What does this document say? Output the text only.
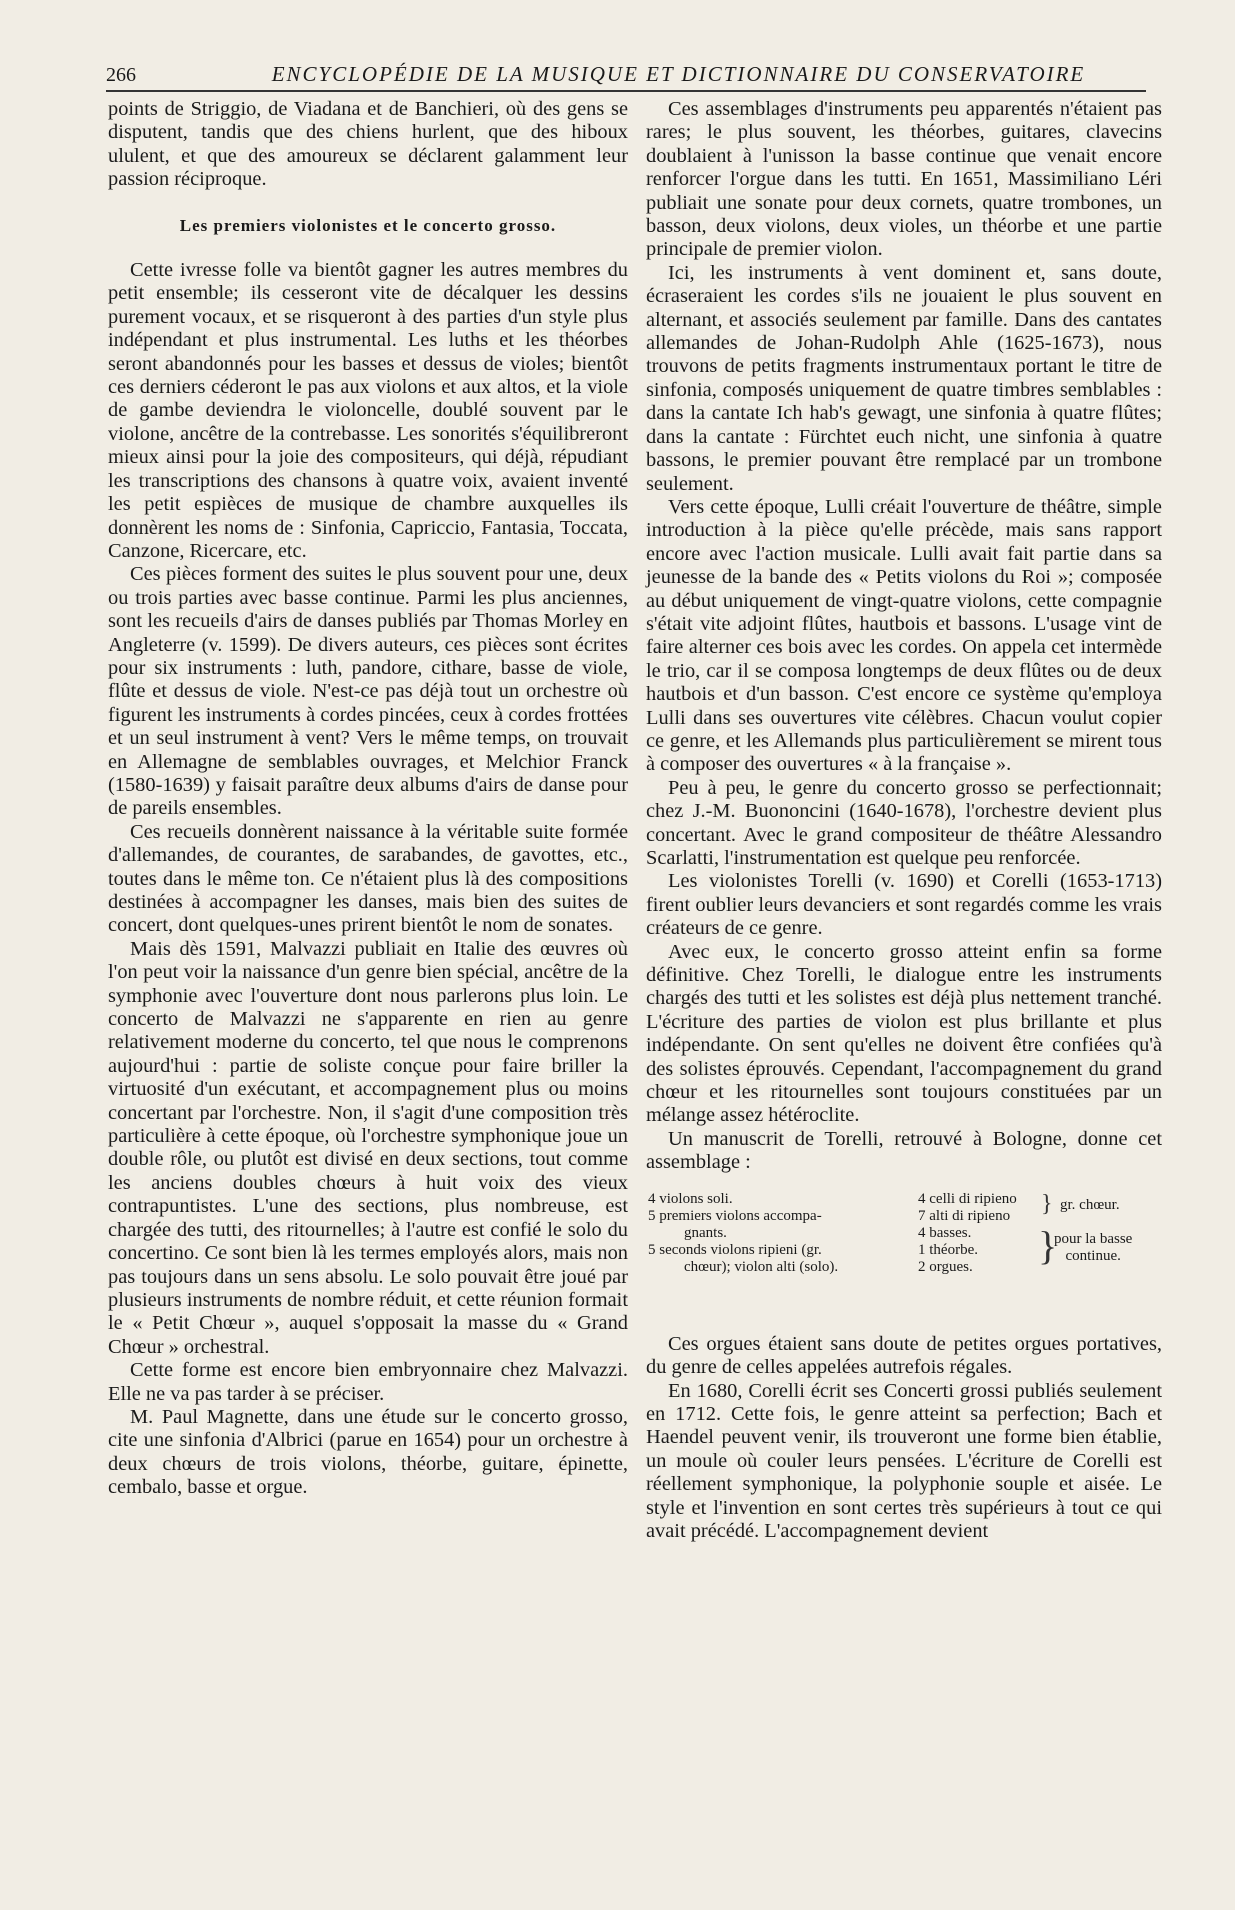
266	ENCYCLOPÉDIE DE LA MUSIQUE ET DICTIONNAIRE DU CONSERVATOIRE

points de Striggio, de Viadana et de Banchieri, où des gens se disputent, tandis que des chiens hurlent, que des hiboux ululent, et que des amoureux se déclarent galamment leur passion réciproque.

Les premiers violonistes et le concerto grosso.

Cette ivresse folle va bientôt gagner les autres membres du petit ensemble; ils cesseront vite de décalquer les dessins purement vocaux, et se risqueront à des parties d'un style plus indépendant et plus instrumental. Les luths et les théorbes seront abandonnés pour les basses et dessus de violes; bientôt ces derniers céderont le pas aux violons et aux altos, et la viole de gambe deviendra le violoncelle, doublé souvent par le violone, ancêtre de la contrebasse. Les sonorités s'équilibreront mieux ainsi pour la joie des compositeurs, qui déjà, répudiant les transcriptions des chansons à quatre voix, avaient inventé les petit espièces de musique de chambre auxquelles ils donnèrent les noms de : Sinfonia, Capriccio, Fantasia, Toccata, Canzone, Ricercare, etc.

Ces pièces forment des suites le plus souvent pour une, deux ou trois parties avec basse continue. Parmi les plus anciennes, sont les recueils d'airs de danses publiés par Thomas Morley en Angleterre (v. 1599). De divers auteurs, ces pièces sont écrites pour six instruments : luth, pandore, cithare, basse de viole, flûte et dessus de viole. N'est-ce pas déjà tout un orchestre où figurent les instruments à cordes pincées, ceux à cordes frottées et un seul instrument à vent? Vers le même temps, on trouvait en Allemagne de semblables ouvrages, et Melchior Franck (1580-1639) y faisait paraître deux albums d'airs de danse pour de pareils ensembles.

Ces recueils donnèrent naissance à la véritable suite formée d'allemandes, de courantes, de sarabandes, de gavottes, etc., toutes dans le même ton. Ce n'étaient plus là des compositions destinées à accompagner les danses, mais bien des suites de concert, dont quelques-unes prirent bientôt le nom de sonates.

Mais dès 1591, Malvazzi publiait en Italie des œuvres où l'on peut voir la naissance d'un genre bien spécial, ancêtre de la symphonie avec l'ouverture dont nous parlerons plus loin. Le concerto de Malvazzi ne s'apparente en rien au genre relativement moderne du concerto, tel que nous le comprenons aujourd'hui : partie de soliste conçue pour faire briller la virtuosité d'un exécutant, et accompagnement plus ou moins concertant par l'orchestre. Non, il s'agit d'une composition très particulière à cette époque, où l'orchestre symphonique joue un double rôle, ou plutôt est divisé en deux sections, tout comme les anciens doubles chœurs à huit voix des vieux contrapuntistes. L'une des sections, plus nombreuse, est chargée des tutti, des ritournelles; à l'autre est confié le solo du concertino. Ce sont bien là les termes employés alors, mais non pas toujours dans un sens absolu. Le solo pouvait être joué par plusieurs instruments de nombre réduit, et cette réunion formait le « Petit Chœur », auquel s'opposait la masse du « Grand Chœur » orchestral.

Cette forme est encore bien embryonnaire chez Malvazzi. Elle ne va pas tarder à se préciser.

M. Paul Magnette, dans une étude sur le concerto grosso, cite une sinfonia d'Albrici (parue en 1654) pour un orchestre à deux chœurs de trois violons, théorbe, guitare, épinette, cembalo, basse et orgue.

Ces assemblages d'instruments peu apparentés n'étaient pas rares; le plus souvent, les théorbes, guitares, clavecins doublaient à l'unisson la basse continue que venait encore renforcer l'orgue dans les tutti. En 1651, Massimiliano Léri publiait une sonate pour deux cornets, quatre trombones, un basson, deux violons, deux violes, un théorbe et une partie principale de premier violon.

Ici, les instruments à vent dominent et, sans doute, écraseraient les cordes s'ils ne jouaient le plus souvent en alternant, et associés seulement par famille. Dans des cantates allemandes de Johan-Rudolph Ahle (1625-1673), nous trouvons de petits fragments instrumentaux portant le titre de sinfonia, composés uniquement de quatre timbres semblables : dans la cantate Ich hab's gewagt, une sinfonia à quatre flûtes; dans la cantate : Fürchtet euch nicht, une sinfonia à quatre bassons, le premier pouvant être remplacé par un trombone seulement.

Vers cette époque, Lulli créait l'ouverture de théâtre, simple introduction à la pièce qu'elle précède, mais sans rapport encore avec l'action musicale. Lulli avait fait partie dans sa jeunesse de la bande des « Petits violons du Roi »; composée au début uniquement de vingt-quatre violons, cette compagnie s'était vite adjoint flûtes, hautbois et bassons. L'usage vint de faire alterner ces bois avec les cordes. On appela cet intermède le trio, car il se composa longtemps de deux flûtes ou de deux hautbois et d'un basson. C'est encore ce système qu'employa Lulli dans ses ouvertures vite célèbres. Chacun voulut copier ce genre, et les Allemands plus particulièrement se mirent tous à composer des ouvertures « à la française ».

Peu à peu, le genre du concerto grosso se perfectionnait; chez J.-M. Buononcini (1640-1678), l'orchestre devient plus concertant. Avec le grand compositeur de théâtre Alessandro Scarlatti, l'instrumentation est quelque peu renforcée.

Les violonistes Torelli (v. 1690) et Corelli (1653-1713) firent oublier leurs devanciers et sont regardés comme les vrais créateurs de ce genre.

Avec eux, le concerto grosso atteint enfin sa forme définitive. Chez Torelli, le dialogue entre les instruments chargés des tutti et les solistes est déjà plus nettement tranché. L'écriture des parties de violon est plus brillante et plus indépendante. On sent qu'elles ne doivent être confiées qu'à des solistes éprouvés. Cependant, l'accompagnement du grand chœur et les ritournelles sont toujours constituées par un mélange assez hétéroclite.

Un manuscrit de Torelli, retrouvé à Bologne, donne cet assemblage :

4 violons soli.
5 premiers violons accompa-
gnants.
5 seconds violons ripieni (gr.
chœur); violon alti (solo).
4 celli di ripieno
7 alti di ripieno
4 basses.
1 théorbe.
2 orgues.
} gr. chœur.
}
pour la basse
continue.

Ces orgues étaient sans doute de petites orgues portatives, du genre de celles appelées autrefois régales.

En 1680, Corelli écrit ses Concerti grossi publiés seulement en 1712. Cette fois, le genre atteint sa perfection; Bach et Haendel peuvent venir, ils trouveront une forme bien établie, un moule où couler leurs pensées. L'écriture de Corelli est réellement symphonique, la polyphonie souple et aisée. Le style et l'invention en sont certes très supérieurs à tout ce qui avait précédé. L'accompagnement devient
